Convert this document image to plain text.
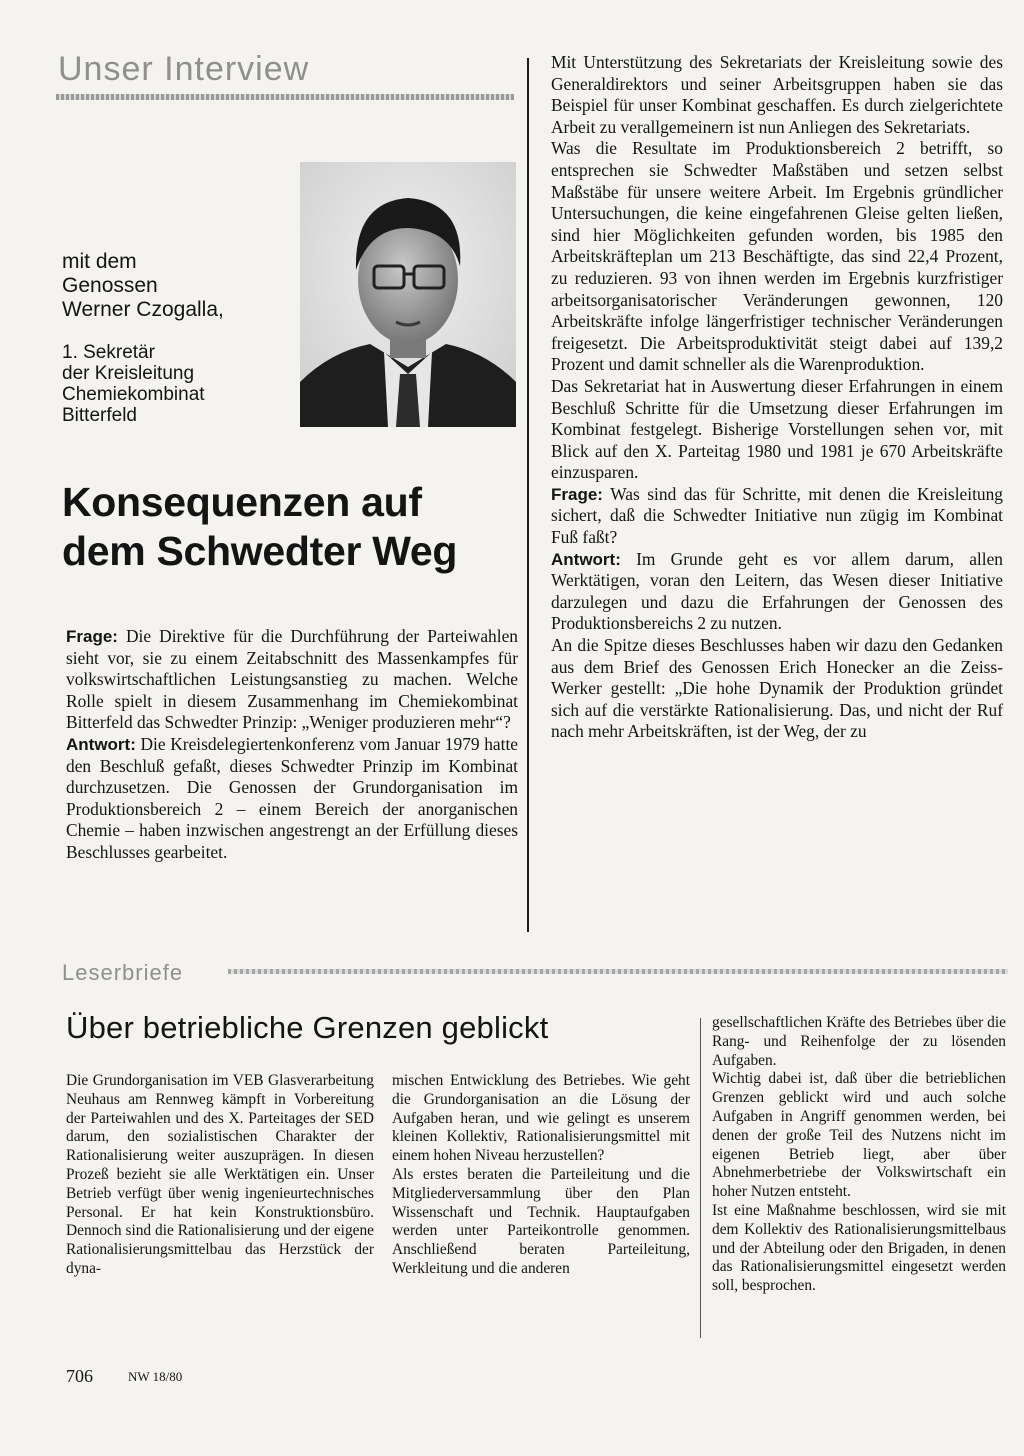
Unser Interview
mit dem
Genossen
Werner Czogalla,
1. Sekretär
der Kreisleitung
Chemiekombinat
Bitterfeld
Konsequenzen auf
dem Schwedter Weg

Frage: Die Direktive für die Durchführung der Parteiwahlen sieht vor, sie zu einem Zeitabschnitt des Massenkampfes für volkswirtschaftlichen Leistungsanstieg zu machen. Welche Rolle spielt in diesem Zusammenhang im Chemiekombinat Bitterfeld das Schwedter Prinzip: „Weniger produzieren mehr“?

Antwort: Die Kreisdelegiertenkonferenz vom Januar 1979 hatte den Beschluß gefaßt, dieses Schwedter Prinzip im Kombinat durchzusetzen. Die Genossen der Grundorganisation im Produktionsbereich 2 – einem Bereich der anorganischen Chemie – haben inzwischen angestrengt an der Erfüllung dieses Beschlusses gearbeitet.

Mit Unterstützung des Sekretariats der Kreisleitung sowie des Generaldirektors und seiner Arbeitsgruppen haben sie das Beispiel für unser Kombinat geschaffen. Es durch zielgerichtete Arbeit zu verallgemeinern ist nun Anliegen des Sekretariats.

Was die Resultate im Produktionsbereich 2 betrifft, so entsprechen sie Schwedter Maßstäben und setzen selbst Maßstäbe für unsere weitere Arbeit. Im Ergebnis gründlicher Untersuchungen, die keine eingefahrenen Gleise gelten ließen, sind hier Möglichkeiten gefunden worden, bis 1985 den Arbeitskräfteplan um 213 Beschäftigte, das sind 22,4 Prozent, zu reduzieren. 93 von ihnen werden im Ergebnis kurzfristiger arbeitsorganisatorischer Veränderungen gewonnen, 120 Arbeitskräfte infolge längerfristiger technischer Veränderungen freigesetzt. Die Arbeitsproduktivität steigt dabei auf 139,2 Prozent und damit schneller als die Warenproduktion.

Das Sekretariat hat in Auswertung dieser Erfahrungen in einem Beschluß Schritte für die Umsetzung dieser Erfahrungen im Kombinat festgelegt. Bisherige Vorstellungen sehen vor, mit Blick auf den X. Parteitag 1980 und 1981 je 670 Arbeitskräfte einzusparen.

Frage: Was sind das für Schritte, mit denen die Kreisleitung sichert, daß die Schwedter Initiative nun zügig im Kombinat Fuß faßt?

Antwort: Im Grunde geht es vor allem darum, allen Werktätigen, voran den Leitern, das Wesen dieser Initiative darzulegen und dazu die Erfahrungen der Genossen des Produktionsbereichs 2 zu nutzen.

An die Spitze dieses Beschlusses haben wir dazu den Gedanken aus dem Brief des Genossen Erich Honecker an die Zeiss-Werker gestellt: „Die hohe Dynamik der Produktion gründet sich auf die verstärkte Rationalisierung. Das, und nicht der Ruf nach mehr Arbeitskräften, ist der Weg, der zu

Leserbriefe
Über betriebliche Grenzen geblickt

Die Grundorganisation im VEB Glasverarbeitung Neuhaus am Rennweg kämpft in Vorbereitung der Parteiwahlen und des X. Parteitages der SED darum, den sozialistischen Charakter der Rationalisierung weiter auszuprägen. In diesen Prozeß bezieht sie alle Werktätigen ein. Unser Betrieb verfügt über wenig ingenieurtechnisches Personal. Er hat kein Konstruktionsbüro. Dennoch sind die Rationalisierung und der eigene Rationalisierungsmittelbau das Herzstück der dyna-

mischen Entwicklung des Betriebes. Wie geht die Grundorganisation an die Lösung der Aufgaben heran, und wie gelingt es unserem kleinen Kollektiv, Rationalisierungsmittel mit einem hohen Niveau herzustellen?

Als erstes beraten die Parteileitung und die Mitgliederversammlung über den Plan Wissenschaft und Technik. Hauptaufgaben werden unter Parteikontrolle genommen. Anschließend beraten Parteileitung, Werkleitung und die anderen

gesellschaftlichen Kräfte des Betriebes über die Rang- und Reihenfolge der zu lösenden Aufgaben.

Wichtig dabei ist, daß über die betrieblichen Grenzen geblickt wird und auch solche Aufgaben in Angriff genommen werden, bei denen der große Teil des Nutzens nicht im eigenen Betrieb liegt, aber über Abnehmerbetriebe der Volkswirtschaft ein hoher Nutzen entsteht.

Ist eine Maßnahme beschlossen, wird sie mit dem Kollektiv des Rationalisierungsmittelbaus und der Abteilung oder den Brigaden, in denen das Rationalisierungsmittel eingesetzt werden soll, besprochen.

706	NW 18/80
